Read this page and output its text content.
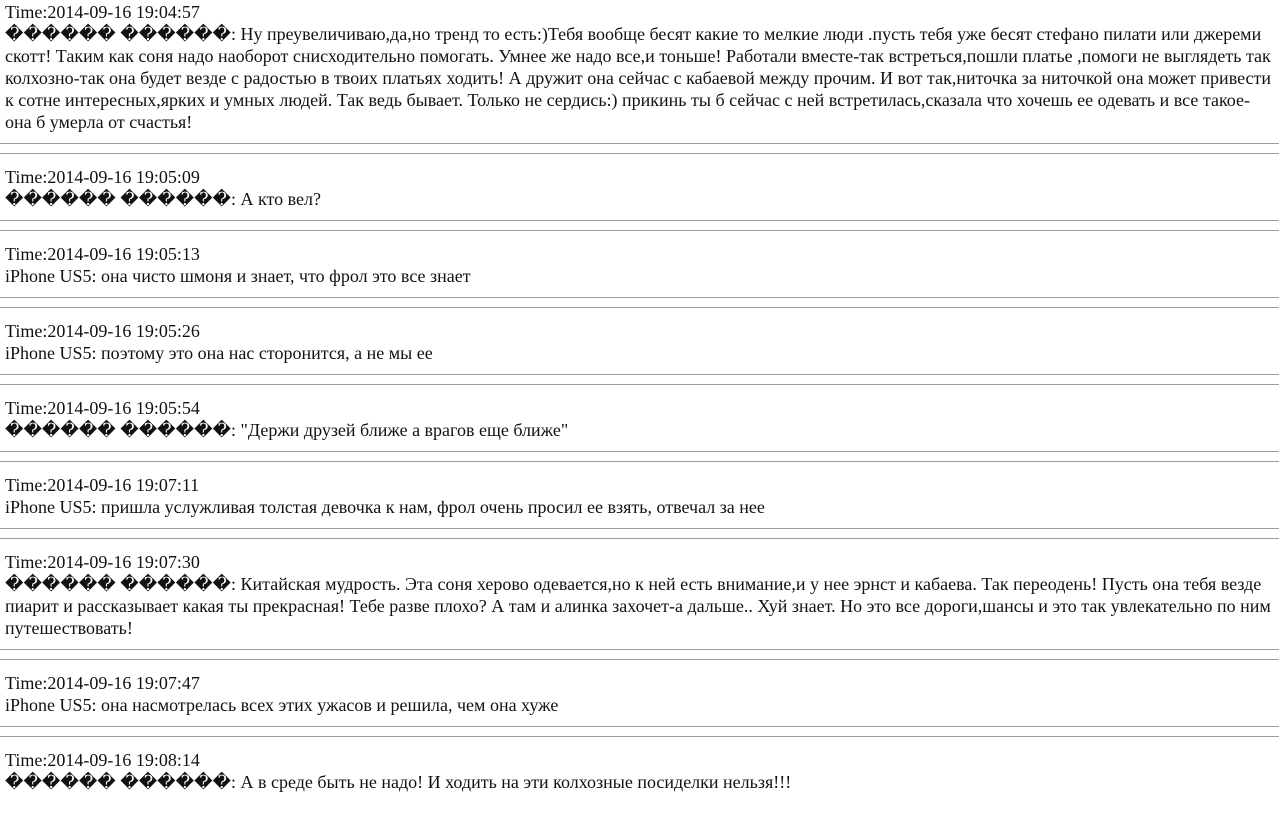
Time:2014-09-16 19:04:57
������ ������: Ну преувеличиваю,да,но тренд то есть:)Тебя вообще бесят какие то мелкие люди .пусть тебя уже бесят стефано пилати или джереми скотт! Таким как соня надо наоборот снисходительно помогать. Умнее же надо все,и тоньше! Работали вместе-так встреться,пошли платье ,помоги не выглядеть так колхозно-так она будет везде с радостью в твоих платьях ходить! А дружит она сейчас с кабаевой между прочим. И вот так,ниточка за ниточкой она может привести к сотне интересных,ярких и умных людей. Так ведь бывает. Только не сердись:) прикинь ты б сейчас с ней встретилась,сказала что хочешь ее одевать и все такое-она б умерла от счастья!
Time:2014-09-16 19:05:09
������ ������: А кто вел?
Time:2014-09-16 19:05:13
iPhone US5: она чисто шмоня и знает, что фрол это все знает
Time:2014-09-16 19:05:26
iPhone US5: поэтому это она нас сторонится, а не мы ее
Time:2014-09-16 19:05:54
������ ������: "Держи друзей ближе а врагов еще ближе"
Time:2014-09-16 19:07:11
iPhone US5: пришла услужливая толстая девочка к нам, фрол очень просил ее взять, отвечал за нее
Time:2014-09-16 19:07:30
������ ������: Китайская мудрость. Эта соня херово одевается,но к ней есть внимание,и у нее эрнст и кабаева. Так переодень! Пусть она тебя везде пиарит и рассказывает какая ты прекрасная! Тебе разве плохо? А там и алинка захочет-а дальше.. Хуй знает. Но это все дороги,шансы и это так увлекательно по ним путешествовать!
Time:2014-09-16 19:07:47
iPhone US5: она насмотрелась всех этих ужасов и решила, чем она хуже
Time:2014-09-16 19:08:14
������ ������: А в среде быть не надо! И ходить на эти колхозные посиделки нельзя!!!
